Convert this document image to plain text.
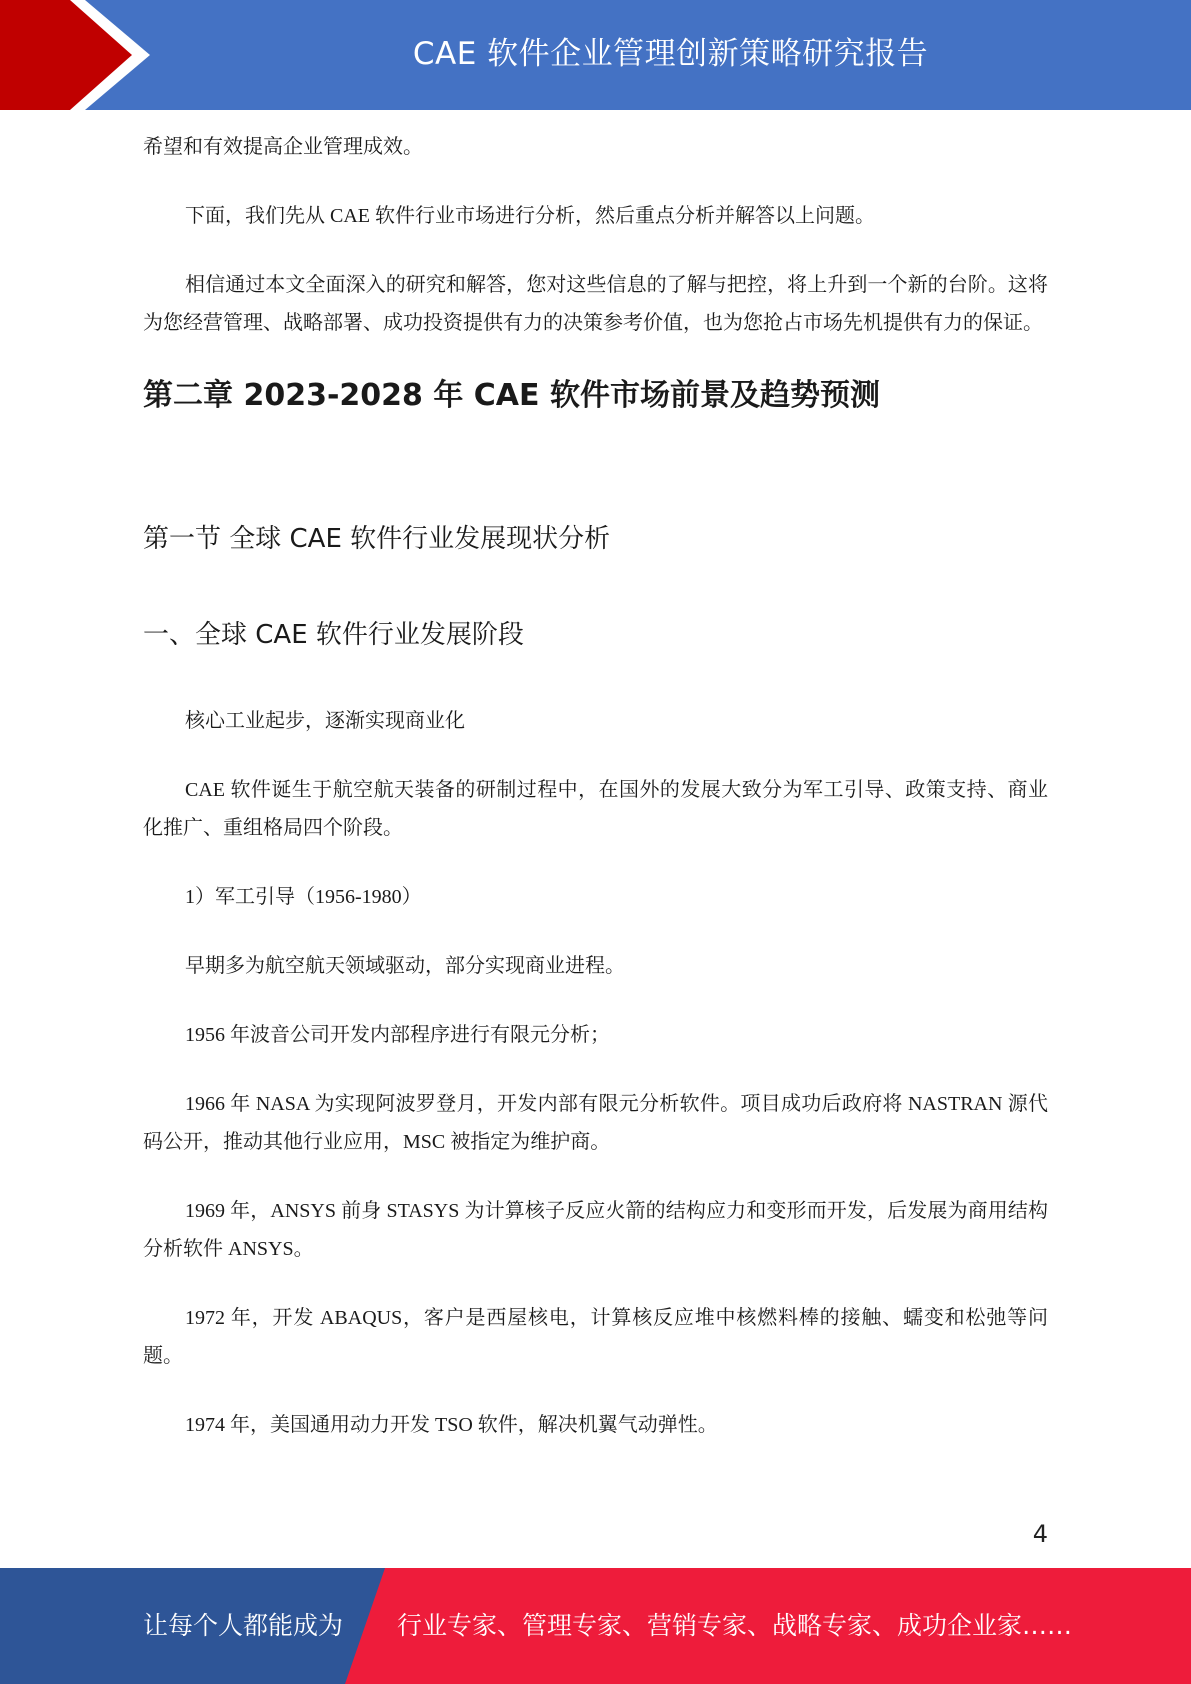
CAE 软件企业管理创新策略研究报告

希望和有效提高企业管理成效。

下面，我们先从 CAE 软件行业市场进行分析，然后重点分析并解答以上问题。

相信通过本文全面深入的研究和解答，您对这些信息的了解与把控，将上升到一个新的台阶。这将为您经营管理、战略部署、成功投资提供有力的决策参考价值，也为您抢占市场先机提供有力的保证。

第二章 2023-2028 年 CAE 软件市场前景及趋势预测
第一节 全球 CAE 软件行业发展现状分析
一、全球 CAE 软件行业发展阶段

核心工业起步，逐渐实现商业化

CAE 软件诞生于航空航天装备的研制过程中，在国外的发展大致分为军工引导、政策支持、商业化推广、重组格局四个阶段。

1）军工引导（1956-1980）

早期多为航空航天领域驱动，部分实现商业进程。

1956 年波音公司开发内部程序进行有限元分析；

1966 年 NASA 为实现阿波罗登月，开发内部有限元分析软件。项目成功后政府将 NASTRAN 源代码公开，推动其他行业应用，MSC 被指定为维护商。

1969 年，ANSYS 前身 STASYS 为计算核子反应火箭的结构应力和变形而开发，后发展为商用结构分析软件 ANSYS。

1972 年，开发 ABAQUS，客户是西屋核电，计算核反应堆中核燃料棒的接触、蠕变和松弛等问题。

1974 年，美国通用动力开发 TSO 软件，解决机翼气动弹性。

4
让每个人都能成为 行业专家、管理专家、营销专家、战略专家、成功企业家……
